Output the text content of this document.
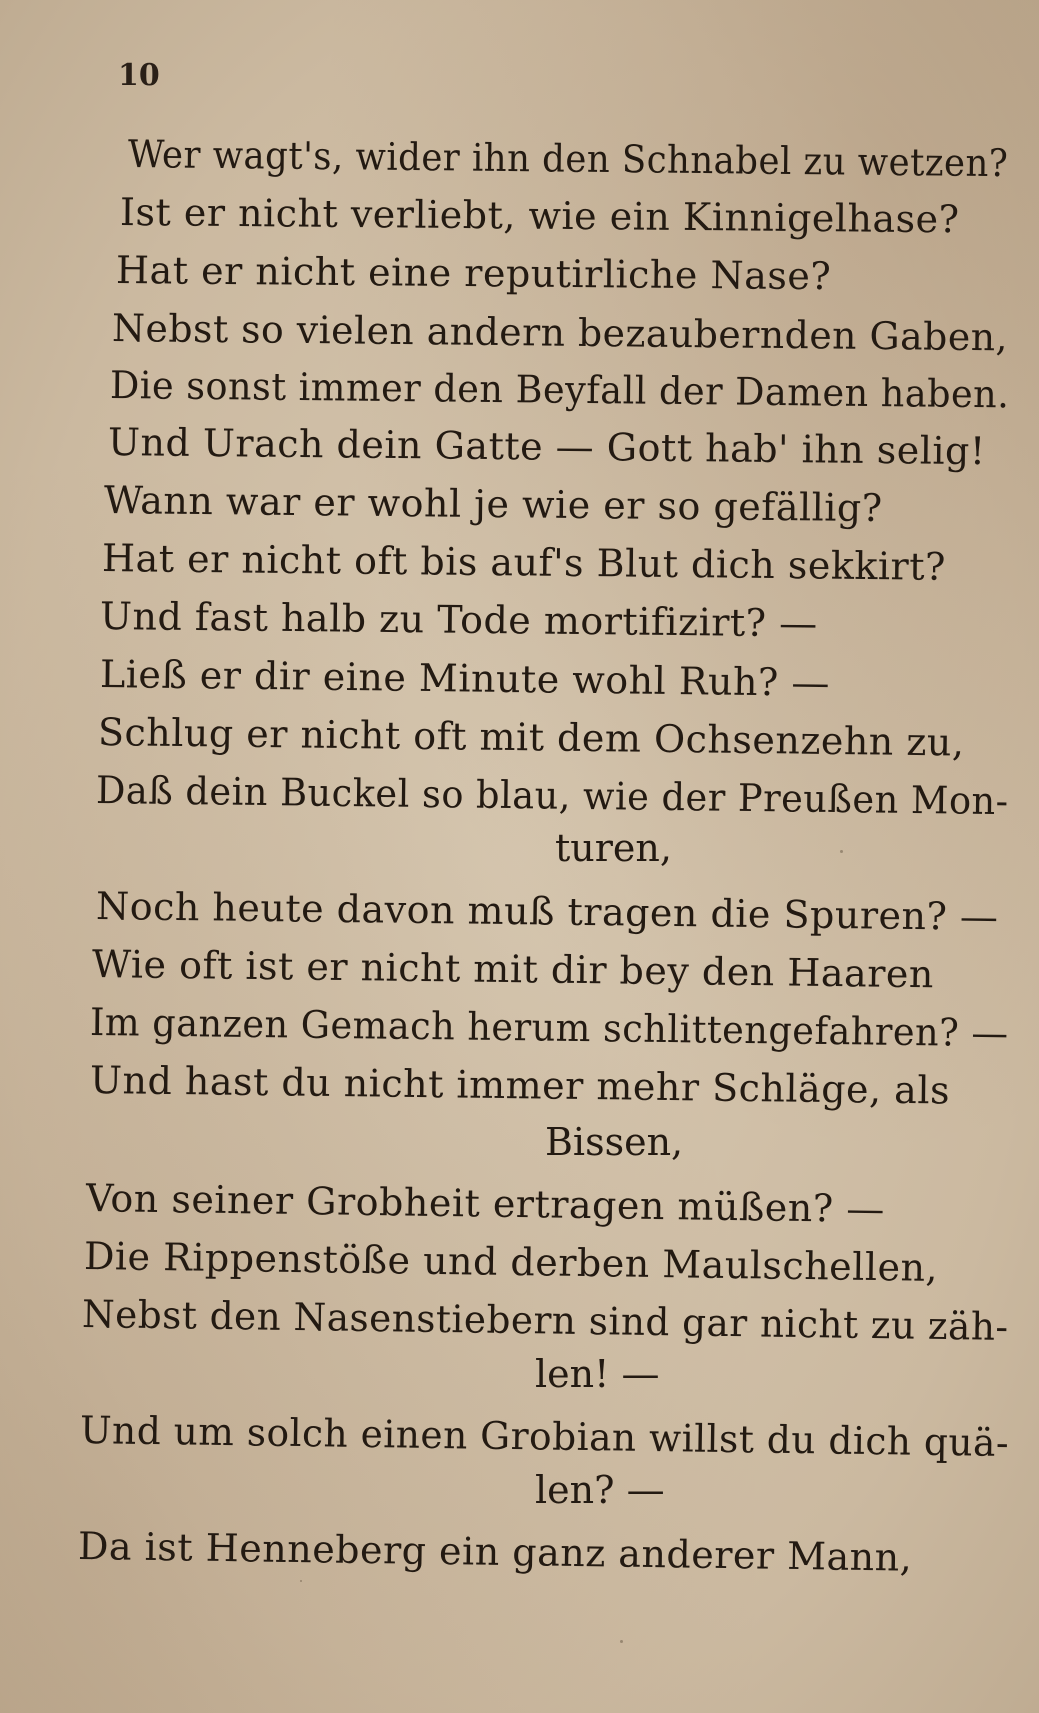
10
Wer wagt's, wider ihn den Schnabel zu wetzen?
Ist er nicht verliebt, wie ein Kinnigelhase?
Hat er nicht eine reputirliche Nase?
Nebst so vielen andern bezaubernden Gaben,
Die sonst immer den Beyfall der Damen haben.
Und Urach dein Gatte — Gott hab' ihn selig!
Wann war er wohl je wie er so gefällig?
Hat er nicht oft bis auf's Blut dich sekkirt?
Und fast halb zu Tode mortifizirt? —
Ließ er dir eine Minute wohl Ruh? —
Schlug er nicht oft mit dem Ochsenzehn zu,
Daß dein Buckel so blau, wie der Preußen Mon-
turen,
Noch heute davon muß tragen die Spuren? —
Wie oft ist er nicht mit dir bey den Haaren
Im ganzen Gemach herum schlittengefahren? —
Und hast du nicht immer mehr Schläge, als
Bissen,
Von seiner Grobheit ertragen müßen? —
Die Rippenstöße und derben Maulschellen,
Nebst den Nasenstiebern sind gar nicht zu zäh-
len! —
Und um solch einen Grobian willst du dich quä-
len? —
Da ist Henneberg ein ganz anderer Mann,
